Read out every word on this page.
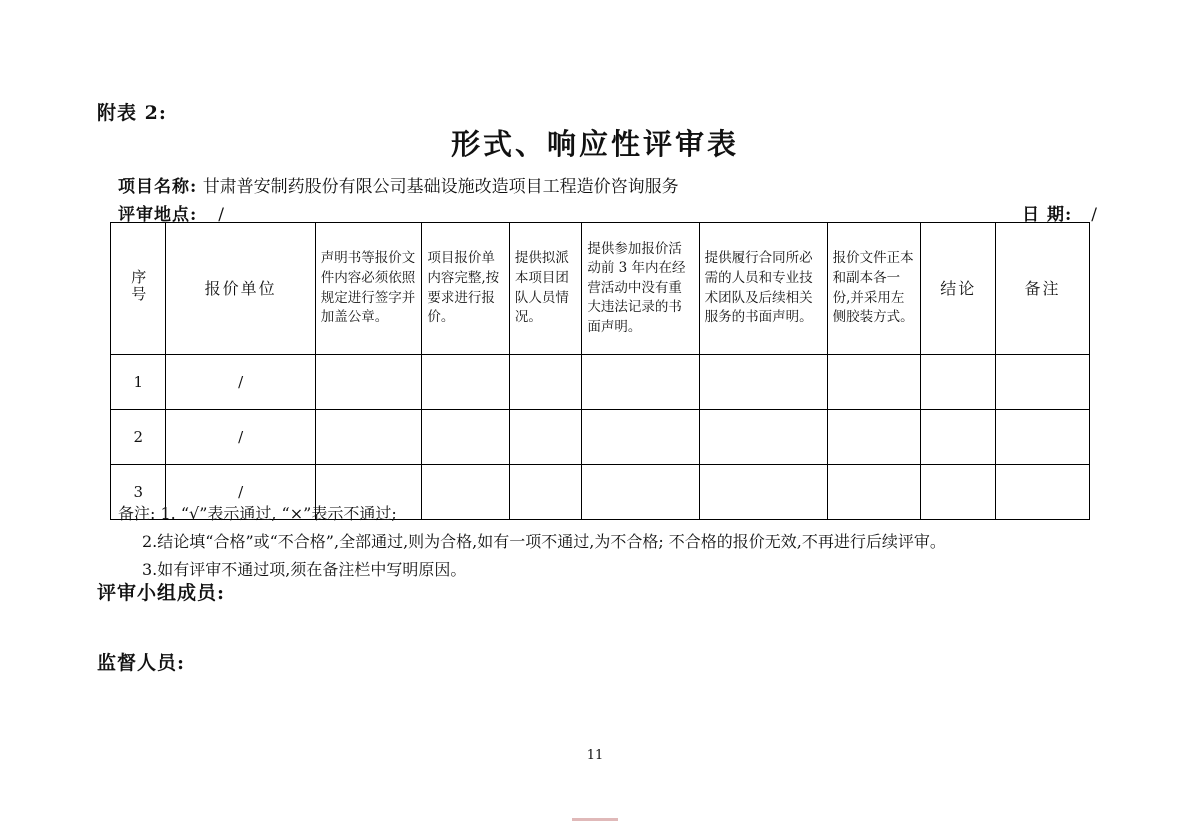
附表 2:
形式、响应性评审表
项目名称: 甘肃普安制药股份有限公司基础设施改造项目工程造价咨询服务
评审地点: /	日 期: /
序号	报价单位	声明书等报价文件内容必须依照规定进行签字并加盖公章。	项目报价单内容完整,按要求进行报价。	提供拟派本项目团队人员情况。	提供参加报价活动前 3 年内在经营活动中没有重大违法记录的书面声明。	提供履行合同所必需的人员和专业技术团队及后续相关服务的书面声明。	报价文件正本和副本各一份,并采用左侧胶装方式。	结论	备注

1	/								
2	/								
3	/								
备注: 1. “√”表示通过, “×”表示不通过;
2.结论填“合格”或“不合格”,全部通过,则为合格,如有一项不通过,为不合格; 不合格的报价无效,不再进行后续评审。
3.如有评审不通过项,须在备注栏中写明原因。
评审小组成员:
监督人员:
11
